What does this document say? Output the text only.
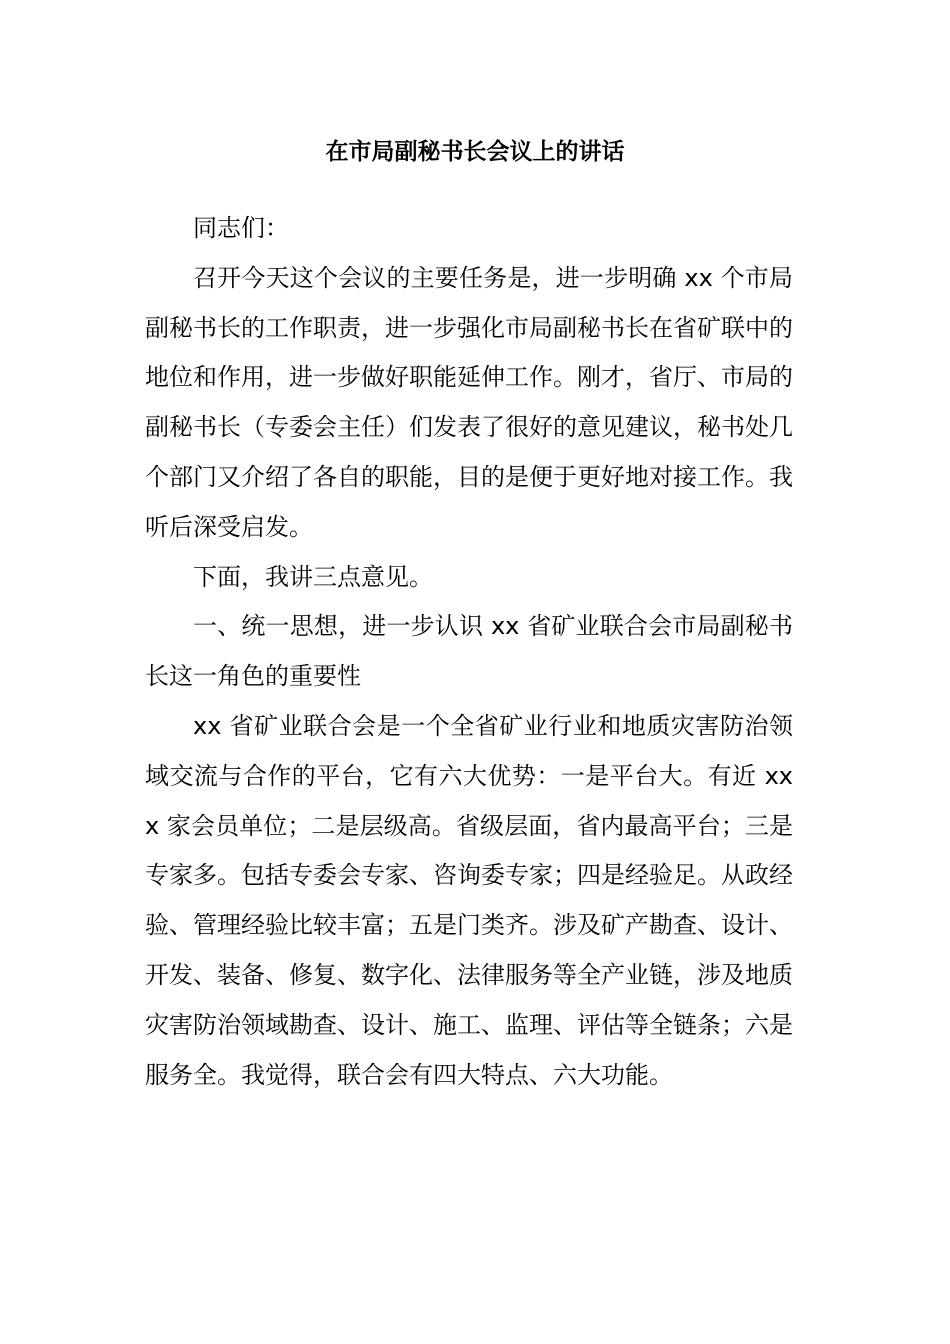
在市局副秘书长会议上的讲话

同志们：

召开今天这个会议的主要任务是，进一步明确 xx 个市局副秘书长的工作职责，进一步强化市局副秘书长在省矿联中的地位和作用，进一步做好职能延伸工作。刚才，省厅、市局的副秘书长（专委会主任）们发表了很好的意见建议，秘书处几个部门又介绍了各自的职能，目的是便于更好地对接工作。我听后深受启发。

下面，我讲三点意见。

一、统一思想，进一步认识 xx 省矿业联合会市局副秘书长这一角色的重要性

xx 省矿业联合会是一个全省矿业行业和地质灾害防治领域交流与合作的平台，它有六大优势：一是平台大。有近 xxx 家会员单位；二是层级高。省级层面，省内最高平台；三是专家多。包括专委会专家、咨询委专家；四是经验足。从政经验、管理经验比较丰富；五是门类齐。涉及矿产勘查、设计、开发、装备、修复、数字化、法律服务等全产业链，涉及地质灾害防治领域勘查、设计、施工、监理、评估等全链条；六是服务全。我觉得，联合会有四大特点、六大功能。
